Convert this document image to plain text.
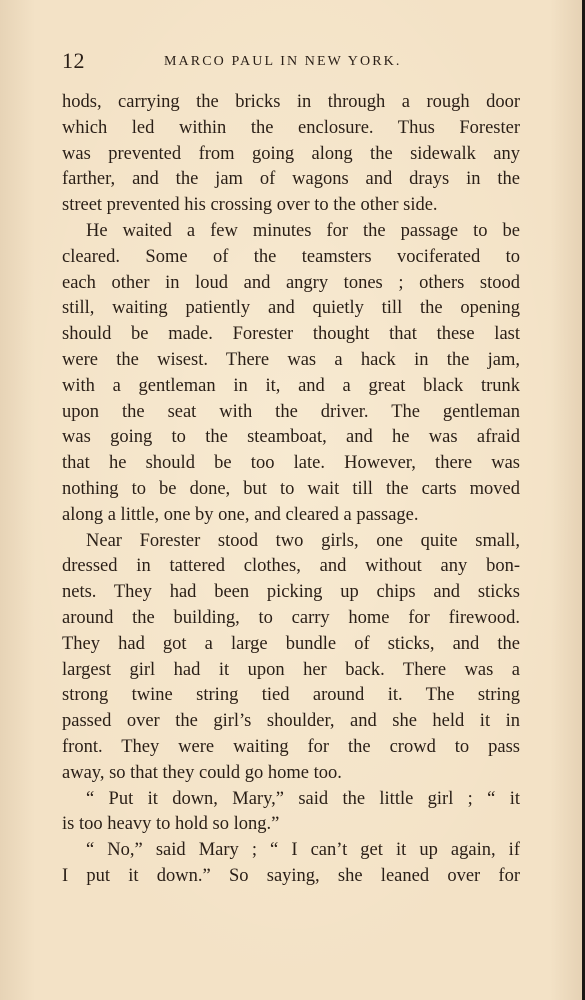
12	MARCO PAUL IN NEW YORK.
hods, carrying the bricks in through a rough door
which led within the enclosure. Thus Forester
was prevented from going along the sidewalk any
farther, and the jam of wagons and drays in the
street prevented his crossing over to the other side.
He waited a few minutes for the passage to be
cleared. Some of the teamsters vociferated to
each other in loud and angry tones ; others stood
still, waiting patiently and quietly till the opening
should be made. Forester thought that these last
were the wisest. There was a hack in the jam,
with a gentleman in it, and a great black trunk
upon the seat with the driver. The gentleman
was going to the steamboat, and he was afraid
that he should be too late. However, there was
nothing to be done, but to wait till the carts moved
along a little, one by one, and cleared a passage.
Near Forester stood two girls, one quite small,
dressed in tattered clothes, and without any bon-
nets. They had been picking up chips and sticks
around the building, to carry home for firewood.
They had got a large bundle of sticks, and the
largest girl had it upon her back. There was a
strong twine string tied around it. The string
passed over the girl’s shoulder, and she held it in
front. They were waiting for the crowd to pass
away, so that they could go home too.
“ Put it down, Mary,” said the little girl ; “ it
is too heavy to hold so long.”
“ No,” said Mary ; “ I can’t get it up again, if
I put it down.” So saying, she leaned over for
